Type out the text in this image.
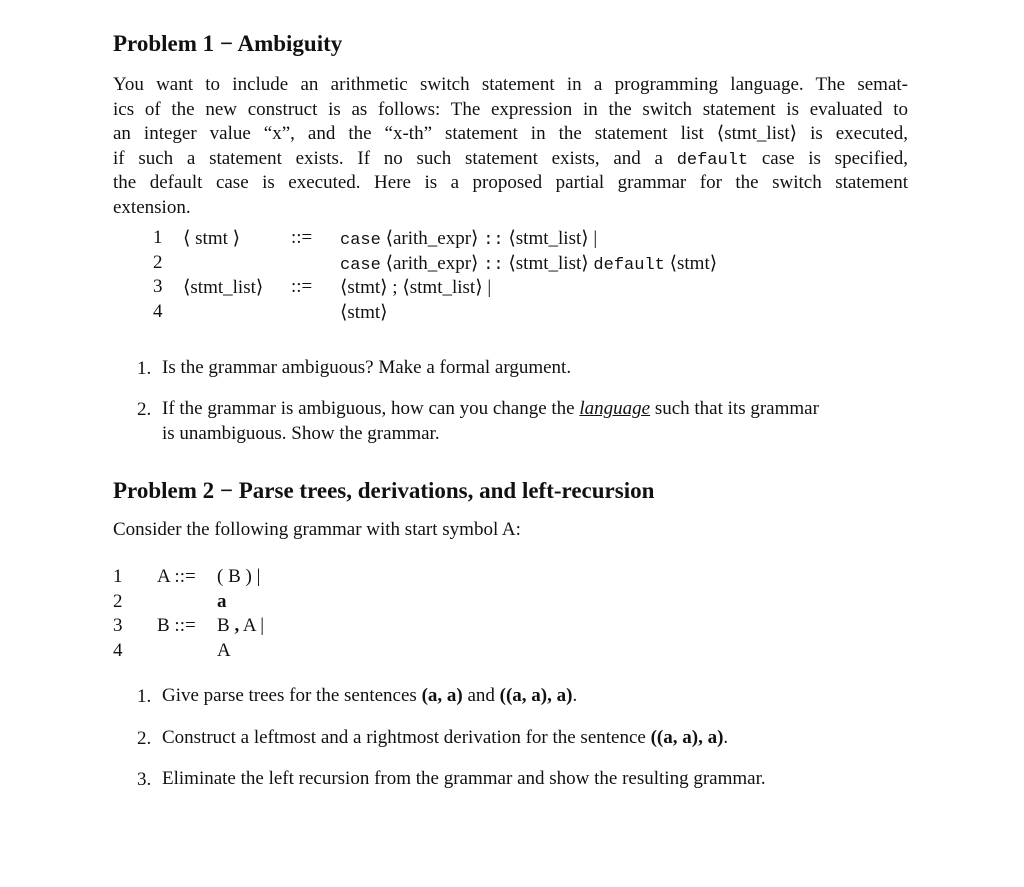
Problem 1 − Ambiguity
You want to include an arithmetic switch statement in a programming language. The semat-
ics of the new construct is as follows: The expression in the switch statement is evaluated to
an integer value “x”, and the “x-th” statement in the statement list ⟨stmt_list⟩ is executed,
if such a statement exists. If no such statement exists, and a default case is specified,
the default case is executed. Here is a proposed partial grammar for the switch statement
extension.
1 ⟨ stmt ⟩	::= case ⟨arith_expr⟩ :: ⟨stmt_list⟩ |
2	case ⟨arith_expr⟩ :: ⟨stmt_list⟩ default ⟨stmt⟩
3 ⟨stmt_list⟩ ::= ⟨stmt⟩ ; ⟨stmt_list⟩ |
4	⟨stmt⟩
1. Is the grammar ambiguous? Make a formal argument.
2. If the grammar is ambiguous, how can you change the language such that its grammar
is unambiguous. Show the grammar.
Problem 2 − Parse trees, derivations, and left-recursion
Consider the following grammar with start symbol A:
1 A ::= ( B ) |
2	a
3 B ::= B , A |
4	A
1. Give parse trees for the sentences (a, a) and ((a, a), a).
2. Construct a leftmost and a rightmost derivation for the sentence ((a, a), a).
3. Eliminate the left recursion from the grammar and show the resulting grammar.
